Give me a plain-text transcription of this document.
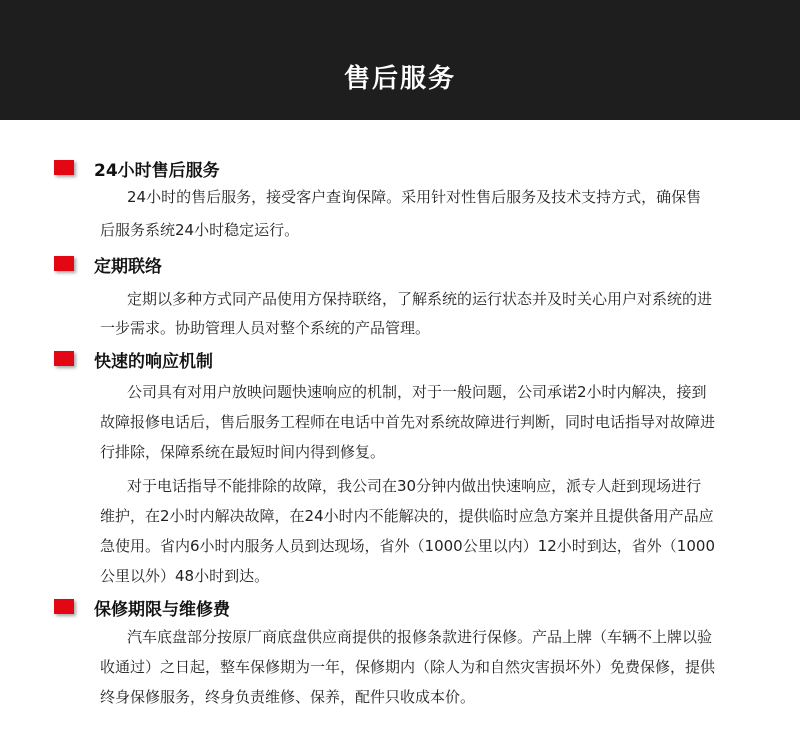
售后服务
24小时售后服务
24小时的售后服务，接受客户查询保障。采用针对性售后服务及技术支持方式，确保售
后服务系统24小时稳定运行。
定期联络
定期以多种方式同产品使用方保持联络，了解系统的运行状态并及时关心用户对系统的进
一步需求。协助管理人员对整个系统的产品管理。
快速的响应机制
公司具有对用户放映问题快速响应的机制，对于一般问题，公司承诺2小时内解决，接到
故障报修电话后，售后服务工程师在电话中首先对系统故障进行判断，同时电话指导对故障进
行排除，保障系统在最短时间内得到修复。
对于电话指导不能排除的故障，我公司在30分钟内做出快速响应，派专人赶到现场进行
维护，在2小时内解决故障，在24小时内不能解决的，提供临时应急方案并且提供备用产品应
急使用。省内6小时内服务人员到达现场，省外（1000公里以内）12小时到达，省外（1000
公里以外）48小时到达。
保修期限与维修费
汽车底盘部分按原厂商底盘供应商提供的报修条款进行保修。产品上牌（车辆不上牌以验
收通过）之日起，整车保修期为一年，保修期内（除人为和自然灾害损坏外）免费保修，提供
终身保修服务，终身负责维修、保养，配件只收成本价。
